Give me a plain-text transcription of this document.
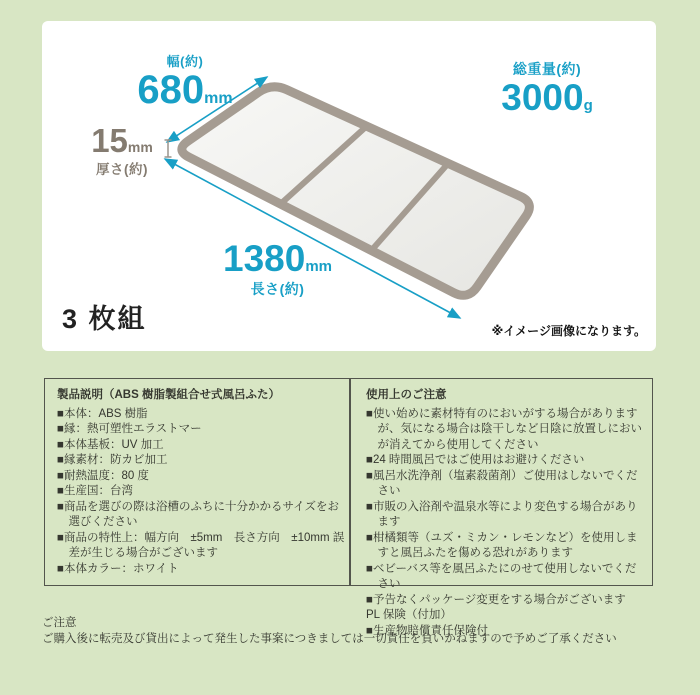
幅(約)
680mm
総重量(約)
3000g
15mm
厚さ(約)
1380mm
長さ(約)
3 枚組	※イメージ画像になります。
製品説明（ABS 樹脂製組合せ式風呂ふた）
■本体：ABS 樹脂
■縁：熱可塑性エラストマー
■本体基板：UV 加工
■縁素材：防カビ加工
■耐熱温度：80 度
■生産国：台湾
■商品を選びの際は浴槽のふちに十分かかるサイズをお選びください
■商品の特性上：幅方向　±5mm　長さ方向　±10mm 誤差が生じる場合がございます
■本体カラー：ホワイト
使用上のご注意
■使い始めに素材特有のにおいがする場合がありますが、気になる場合は陰干しなど日陰に放置しにおいが消えてから使用してください
■24 時間風呂ではご使用はお避けください
■風呂水洗浄剤（塩素殺菌剤）ご使用はしないでください
■市販の入浴剤や温泉水等により変色する場合があります
■柑橘類等（ユズ・ミカン・レモンなど）を使用しますと風呂ふたを傷める恐れがあります
■ベビーバス等を風呂ふたにのせて使用しないでください
■予告なくパッケージ変更をする場合がございます
PL 保険（付加）
■生産物賠償責任保険付
ご注意
ご購入後に転売及び貸出によって発生した事案につきましては一切責任を負いかねますので予めご了承ください
